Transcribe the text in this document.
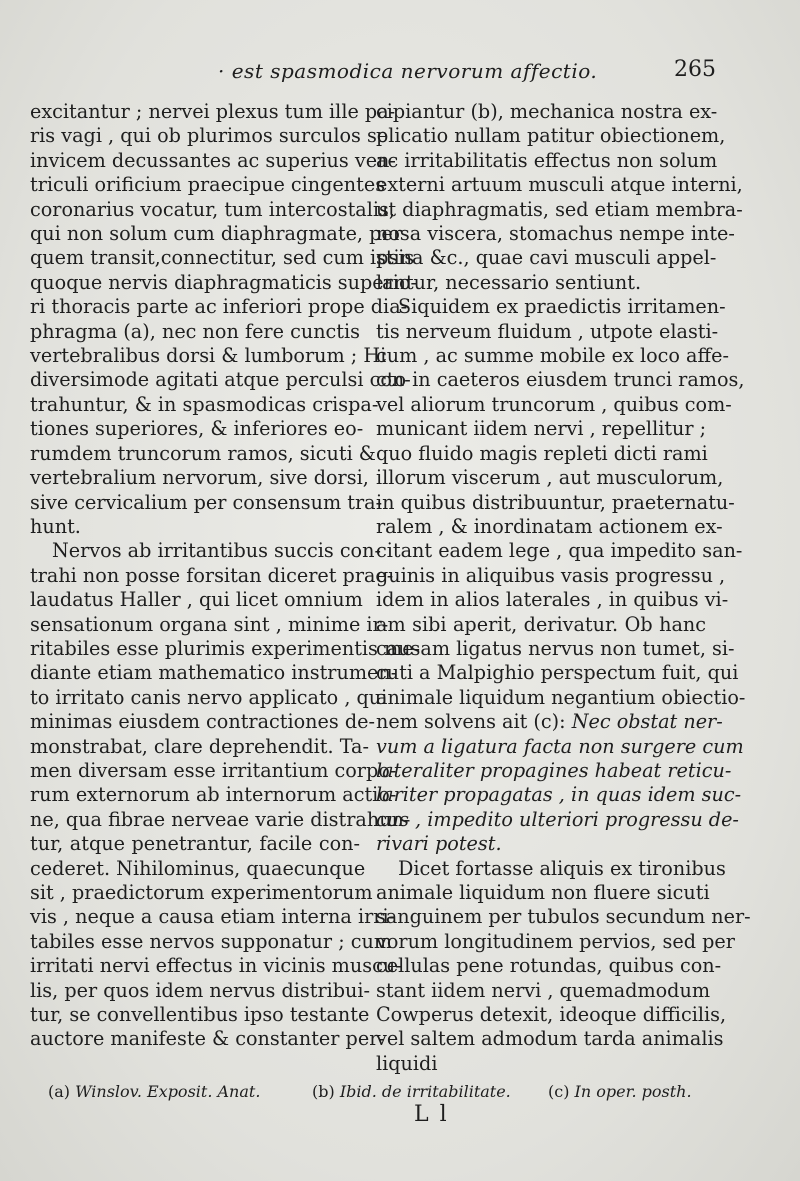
· est spasmodica nervorum affectio.	265
excitantur ; nervei plexus tum ille pa-
ris vagi , qui ob plurimos surculos se
invicem decussantes ac superius ven-
triculi orificium praecipue cingentes
coronarius vocatur, tum intercostalis,
qui non solum cum diaphragmate, per
quem transit,connectitur, sed cum ipsis
quoque nervis diaphragmaticis superio-
ri thoracis parte ac inferiori prope dia-
phragma (a), nec non fere cunctis
vertebralibus dorsi & lumborum ; Hi
diversimode agitati atque perculsi con-
trahuntur, & in spasmodicas crispa-
tiones superiores, & inferiores eo-
rumdem truncorum ramos, sicuti &
vertebralium nervorum, sive dorsi,
sive cervicalium per consensum tra-
hunt.
Nervos ab irritantibus succis con-
trahi non posse forsitan diceret prae-
laudatus Haller , qui licet omnium
sensationum organa sint , minime ir-
ritabiles esse plurimis experimentis me-
diante etiam mathematico instrumen-
to irritato canis nervo applicato , qui
minimas eiusdem contractiones de-
monstrabat, clare deprehendit. Ta-
men diversam esse irritantium corpo-
rum externorum ab internorum actio-
ne, qua fibrae nerveae varie distrahun-
tur, atque penetrantur, facile con-
cederet. Nihilominus, quaecunque
sit , praedictorum experimentorum
vis , neque a causa etiam interna irri-
tabiles esse nervos supponatur ; cum
irritati nervi effectus in vicinis muscu-
lis, per quos idem nervus distribui-
tur, se convellentibus ipso testante
auctore manifeste & constanter per-
cipiantur (b), mechanica nostra ex-
plicatio nullam patitur obiectionem,
ac irritabilitatis effectus non solum
externi artuum musculi atque interni,
ut diaphragmatis, sed etiam membra-
nosa viscera, stomachus nempe inte-
stina &c., quae cavi musculi appel-
lantur, necessario sentiunt.
Siquidem ex praedictis irritamen-
tis nerveum fluidum , utpote elasti-
cum , ac summe mobile ex loco affe-
cto in caeteros eiusdem trunci ramos,
vel aliorum truncorum , quibus com-
municant iidem nervi , repellitur ;
quo fluido magis repleti dicti rami
illorum viscerum , aut musculorum,
in quibus distribuuntur, praeternatu-
ralem , & inordinatam actionem ex-
citant eadem lege , qua impedito san-
guinis in aliquibus vasis progressu ,
idem in alios laterales , in quibus vi-
am sibi aperit, derivatur. Ob hanc
causam ligatus nervus non tumet, si-
cuti a Malpighio perspectum fuit, qui
animale liquidum negantium obiectio-
nem solvens ait (c): Nec obstat ner-
vum a ligatura facta non surgere cum
lateraliter propagines habeat reticu-
lariter propagatas , in quas idem suc-
cus , impedito ulteriori progressu de-
rivari potest.
Dicet fortasse aliquis ex tironibus
animale liquidum non fluere sicuti
sanguinem per tubulos secundum ner-
vorum longitudinem pervios, sed per
cellulas pene rotundas, quibus con-
stant iidem nervi , quemadmodum
Cowperus detexit, ideoque difficilis,
vel saltem admodum tarda animalis
liquidi
(a) Winslov. Exposit. Anat.	(b) Ibid. de irritabilitate. (c) In oper. posth.
L l
